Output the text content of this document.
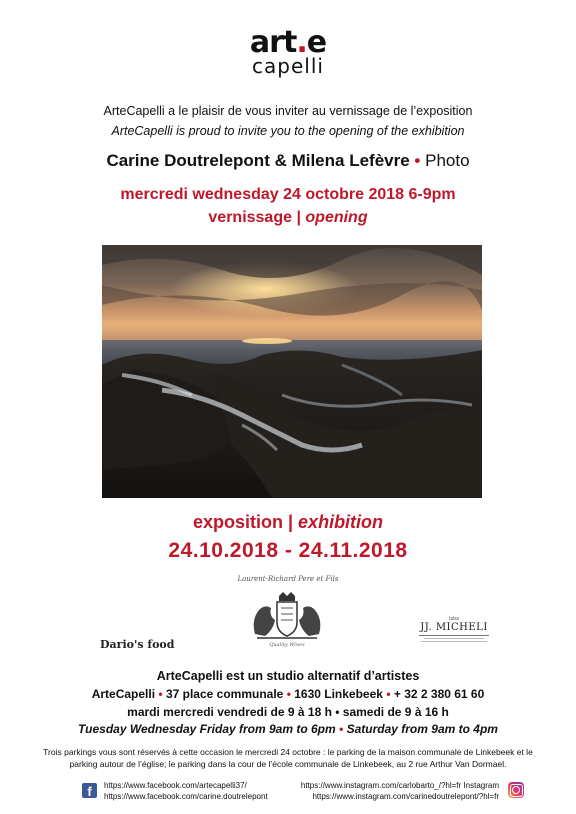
art.e
capelli
ArteCapelli a le plaisir de vous inviter au vernissage de l’exposition
ArteCapelli is proud to invite you to the opening of the exhibition
Carine Doutrelepont & Milena Lefèvre • Photo
mercredi wednesday 24 octobre 2018 6-9pm
vernissage | opening
exposition | exhibition
24.10.2018 - 24.11.2018
Laurent-Richard Pere et Fils
Quality Wines
Dario's food
tuba
JJ. MICHELI
ArteCapelli est un studio alternatif d’artistes
ArteCapelli • 37 place communale • 1630 Linkebeek • + 32 2 380 61 60
mardi mercredi vendredi de 9 à 18 h • samedi de 9 à 16 h
Tuesday Wednesday Friday from 9am to 6pm • Saturday from 9am to 4pm
Trois parkings vous sont réservés à cette occasion le mercredi 24 octobre : le parking de la maison communale de Linkebeek et le parking autour de l’église; le parking dans la cour de l’école communale de Linkebeek, au 2 rue Arthur Van Dormael.
f	https://www.facebook.com/artecapelli37/
https://www.facebook.com/carine.doutrelepont
https://www.instagram.com/carlobarto_/?hl=fr Instagram
https://www.instagram.com/carinedoutrelepont/?hl=fr
